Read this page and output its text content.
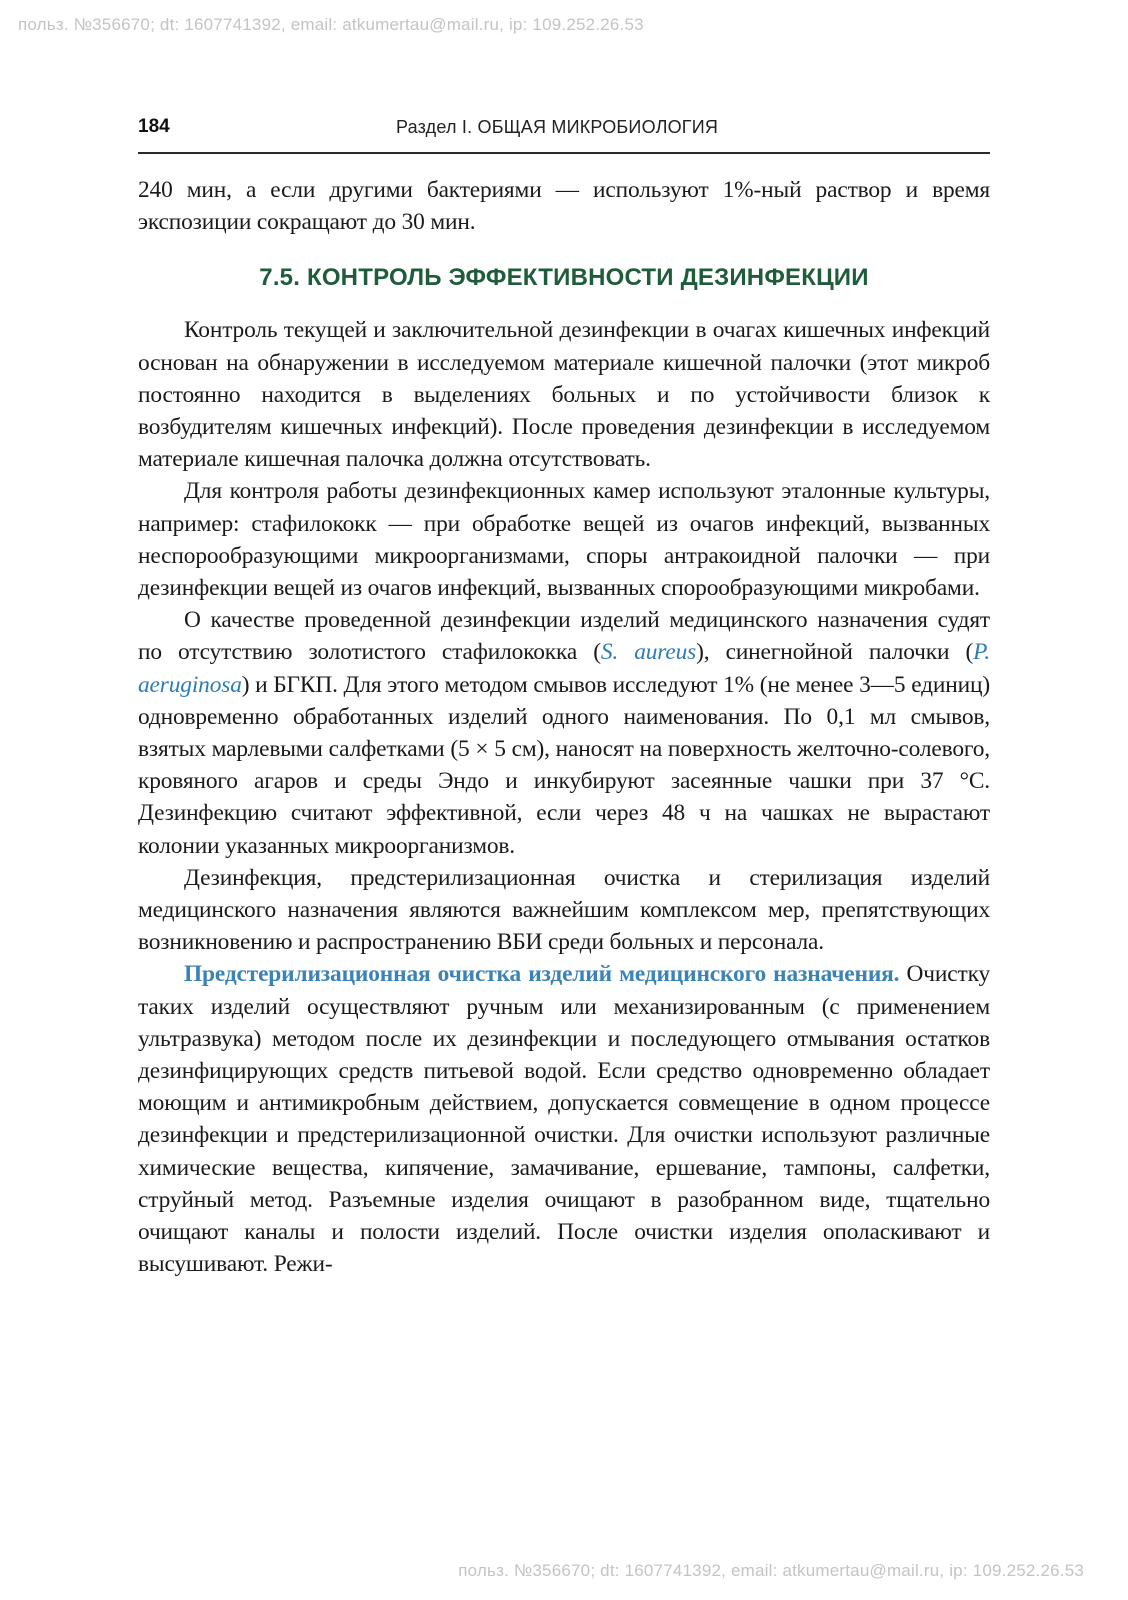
польз. №356670; dt: 1607741392, email: atkumertau@mail.ru, ip: 109.252.26.53
184	Раздел I. ОБЩАЯ МИКРОБИОЛОГИЯ

240 мин, а если другими бактериями — используют 1%-ный раствор и время экспозиции сокращают до 30 мин.

7.5. КОНТРОЛЬ ЭФФЕКТИВНОСТИ ДЕЗИНФЕКЦИИ

Контроль текущей и заключительной дезинфекции в очагах кишечных инфекций основан на обнаружении в исследуемом материале кишечной палочки (этот микроб постоянно находится в выделениях больных и по устойчивости близок к возбудителям кишечных инфекций). После проведения дезинфекции в исследуемом материале кишечная палочка должна отсутствовать.

Для контроля работы дезинфекционных камер используют эталонные культуры, например: стафилококк — при обработке вещей из очагов инфекций, вызванных неспорообразующими микроорганизмами, споры антракоидной палочки — при дезинфекции вещей из очагов инфекций, вызванных спорообразующими микробами.

О качестве проведенной дезинфекции изделий медицинского назначения судят по отсутствию золотистого стафилококка (S. aureus), синегнойной палочки (P. aeruginosa) и БГКП. Для этого методом смывов исследуют 1% (не менее 3—5 единиц) одновременно обработанных изделий одного наименования. По 0,1 мл смывов, взятых марлевыми салфетками (5 × 5 см), наносят на поверхность желточно-солевого, кровяного агаров и среды Эндо и инкубируют засеянные чашки при 37 °С. Дезинфекцию считают эффективной, если через 48 ч на чашках не вырастают колонии указанных микроорганизмов.

Дезинфекция, предстерилизационная очистка и стерилизация изделий медицинского назначения являются важнейшим комплексом мер, препятствующих возникновению и распространению ВБИ среди больных и персонала.

Предстерилизационная очистка изделий медицинского назначения. Очистку таких изделий осуществляют ручным или механизированным (с применением ультразвука) методом после их дезинфекции и последующего отмывания остатков дезинфицирующих средств питьевой водой. Если средство одновременно обладает моющим и антимикробным действием, допускается совмещение в одном процессе дезинфекции и предстерилизационной очистки. Для очистки используют различные химические вещества, кипячение, замачивание, ершевание, тампоны, салфетки, струйный метод. Разъемные изделия очищают в разобранном виде, тщательно очищают каналы и полости изделий. После очистки изделия ополаскивают и высушивают. Режи-

польз. №356670; dt: 1607741392, email: atkumertau@mail.ru, ip: 109.252.26.53
